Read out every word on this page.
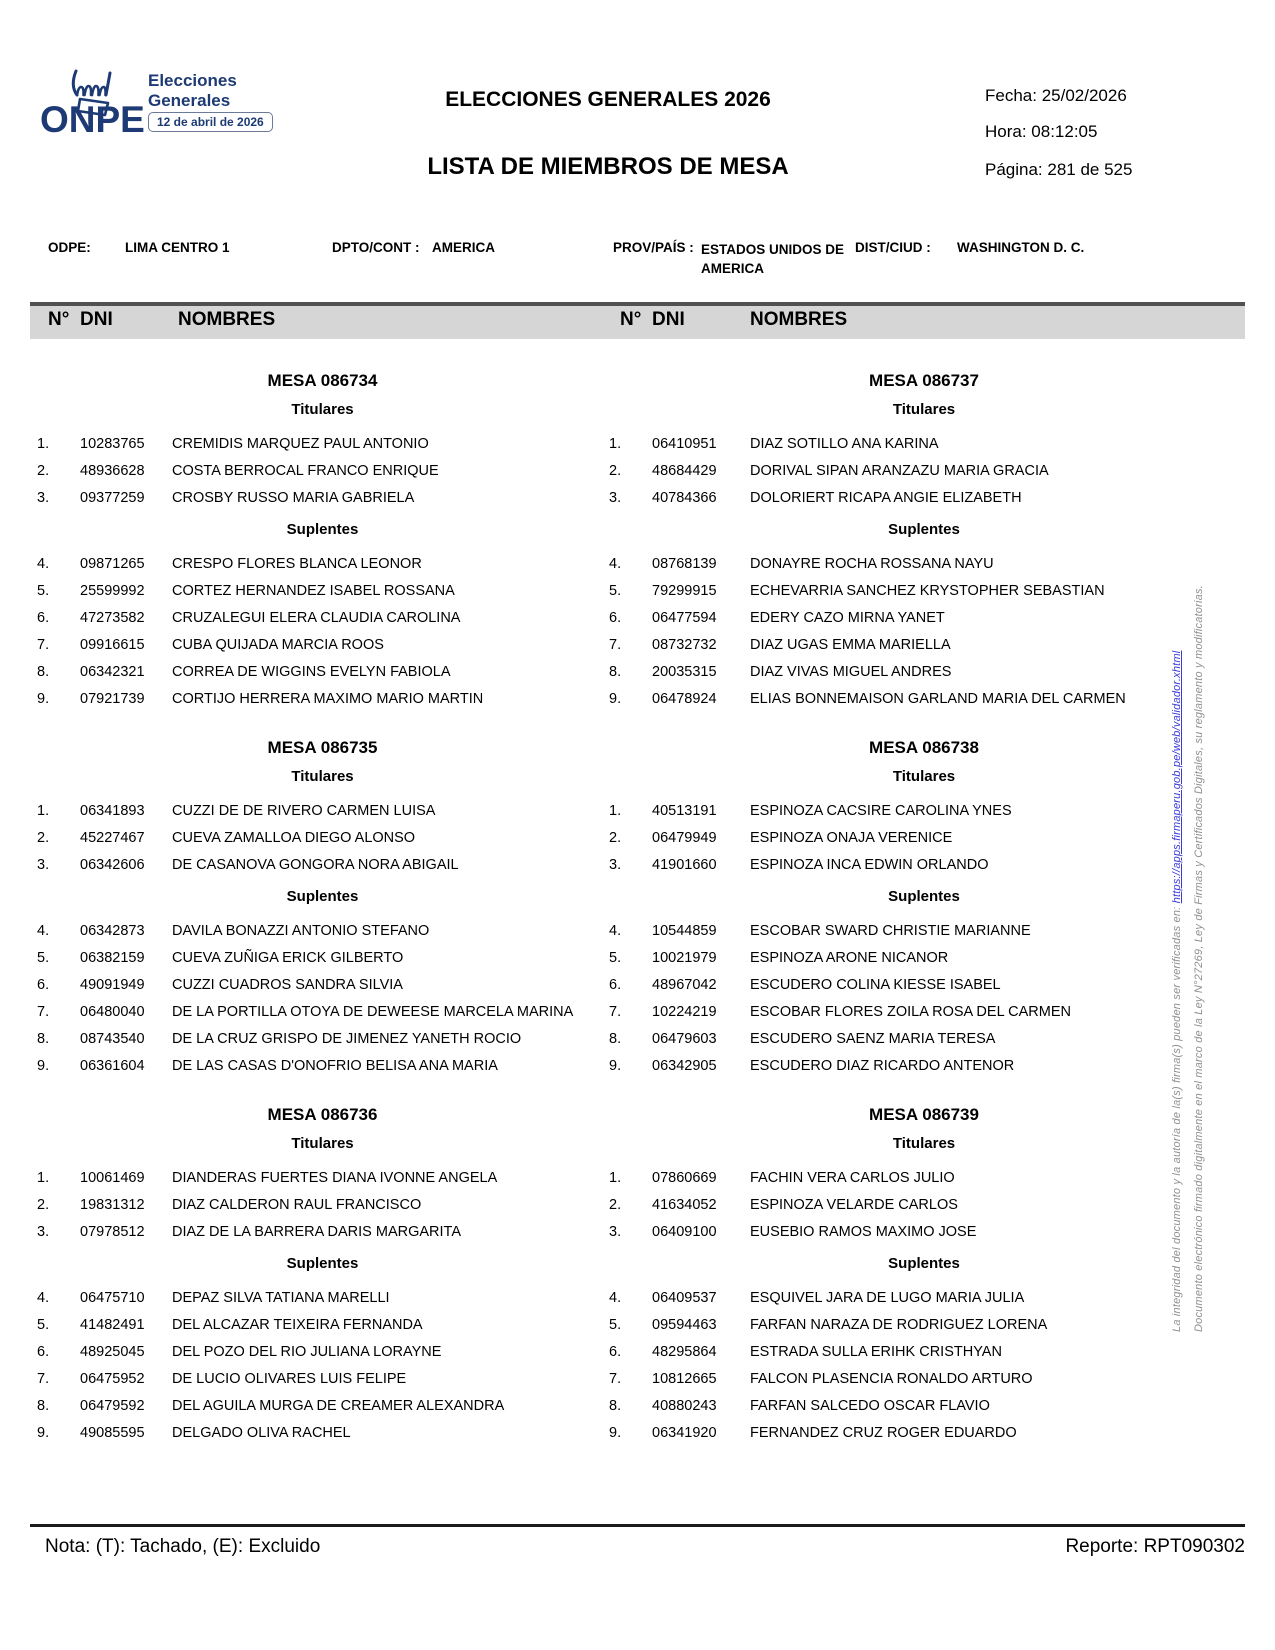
ONPE
Elecciones
Generales
12 de abril de 2026
ELECCIONES GENERALES 2026
LISTA DE MIEMBROS DE MESA
Fecha: 25/02/2026
Hora: 08:12:05
Página: 281 de 525
ODPE:	LIMA CENTRO 1	DPTO/CONT : AMERICA	PROV/PAÍS : ESTADOS UNIDOS DE AMERICA
DIST/CIUD : WASHINGTON D. C.
N° DNI	NOMBRES	N° DNI	NOMBRES
MESA 086734
Titulares
1.	10283765	CREMIDIS MARQUEZ PAUL ANTONIO
2.	48936628	COSTA BERROCAL FRANCO ENRIQUE
3.	09377259	CROSBY RUSSO MARIA GABRIELA
Suplentes
4.	09871265	CRESPO FLORES BLANCA LEONOR
5.	25599992	CORTEZ HERNANDEZ ISABEL ROSSANA
6.	47273582	CRUZALEGUI ELERA CLAUDIA CAROLINA
7.	09916615	CUBA QUIJADA MARCIA ROOS
8.	06342321	CORREA DE WIGGINS EVELYN FABIOLA
9.	07921739	CORTIJO HERRERA MAXIMO MARIO MARTIN
MESA 086735
Titulares
1.	06341893	CUZZI DE DE RIVERO CARMEN LUISA
2.	45227467	CUEVA ZAMALLOA DIEGO ALONSO
3.	06342606	DE CASANOVA GONGORA NORA ABIGAIL
Suplentes
4.	06342873	DAVILA BONAZZI ANTONIO STEFANO
5.	06382159	CUEVA ZUÑIGA ERICK GILBERTO
6.	49091949	CUZZI CUADROS SANDRA SILVIA
7.	06480040	DE LA PORTILLA OTOYA DE DEWEESE MARCELA MARINA
8.	08743540	DE LA CRUZ GRISPO DE JIMENEZ YANETH ROCIO
9.	06361604	DE LAS CASAS D'ONOFRIO BELISA ANA MARIA
MESA 086736
Titulares
1.	10061469	DIANDERAS FUERTES DIANA IVONNE ANGELA
2.	19831312	DIAZ CALDERON RAUL FRANCISCO
3.	07978512	DIAZ DE LA BARRERA DARIS MARGARITA
Suplentes
4.	06475710	DEPAZ SILVA TATIANA MARELLI
5.	41482491	DEL ALCAZAR TEIXEIRA FERNANDA
6.	48925045	DEL POZO DEL RIO JULIANA LORAYNE
7.	06475952	DE LUCIO OLIVARES LUIS FELIPE
8.	06479592	DEL AGUILA MURGA DE CREAMER ALEXANDRA
9.	49085595	DELGADO OLIVA RACHEL
MESA 086737
Titulares
1.	06410951	DIAZ SOTILLO ANA KARINA
2.	48684429	DORIVAL SIPAN ARANZAZU MARIA GRACIA
3.	40784366	DOLORIERT RICAPA ANGIE ELIZABETH
Suplentes
4.	08768139	DONAYRE ROCHA ROSSANA NAYU
5.	79299915	ECHEVARRIA SANCHEZ KRYSTOPHER SEBASTIAN
6.	06477594	EDERY CAZO MIRNA YANET
7.	08732732	DIAZ UGAS EMMA MARIELLA
8.	20035315	DIAZ VIVAS MIGUEL ANDRES
9.	06478924	ELIAS BONNEMAISON GARLAND MARIA DEL CARMEN
MESA 086738
Titulares
1.	40513191	ESPINOZA CACSIRE CAROLINA YNES
2.	06479949	ESPINOZA ONAJA VERENICE
3.	41901660	ESPINOZA INCA EDWIN ORLANDO
Suplentes
4.	10544859	ESCOBAR SWARD CHRISTIE MARIANNE
5.	10021979	ESPINOZA ARONE NICANOR
6.	48967042	ESCUDERO COLINA KIESSE ISABEL
7.	10224219	ESCOBAR FLORES ZOILA ROSA DEL CARMEN
8.	06479603	ESCUDERO SAENZ MARIA TERESA
9.	06342905	ESCUDERO DIAZ RICARDO ANTENOR
MESA 086739
Titulares
1.	07860669	FACHIN VERA CARLOS JULIO
2.	41634052	ESPINOZA VELARDE CARLOS
3.	06409100	EUSEBIO RAMOS MAXIMO JOSE
Suplentes
4.	06409537	ESQUIVEL JARA DE LUGO MARIA JULIA
5.	09594463	FARFAN NARAZA DE RODRIGUEZ LORENA
6.	48295864	ESTRADA SULLA ERIHK CRISTHYAN
7.	10812665	FALCON PLASENCIA RONALDO ARTURO
8.	40880243	FARFAN SALCEDO OSCAR FLAVIO
9.	06341920	FERNANDEZ CRUZ ROGER EDUARDO
Nota: (T): Tachado, (E): Excluido	Reporte: RPT090302
Documento electrónico firmado digitalmente en el marco de la Ley N°27269, Ley de Firmas y Certificados Digitales, su reglamento y modificatorias.
La integridad del documento y la autoría de la(s) firma(s) pueden ser verificadas en: https://apps.firmaperu.gob.pe/web/validador.xhtml
